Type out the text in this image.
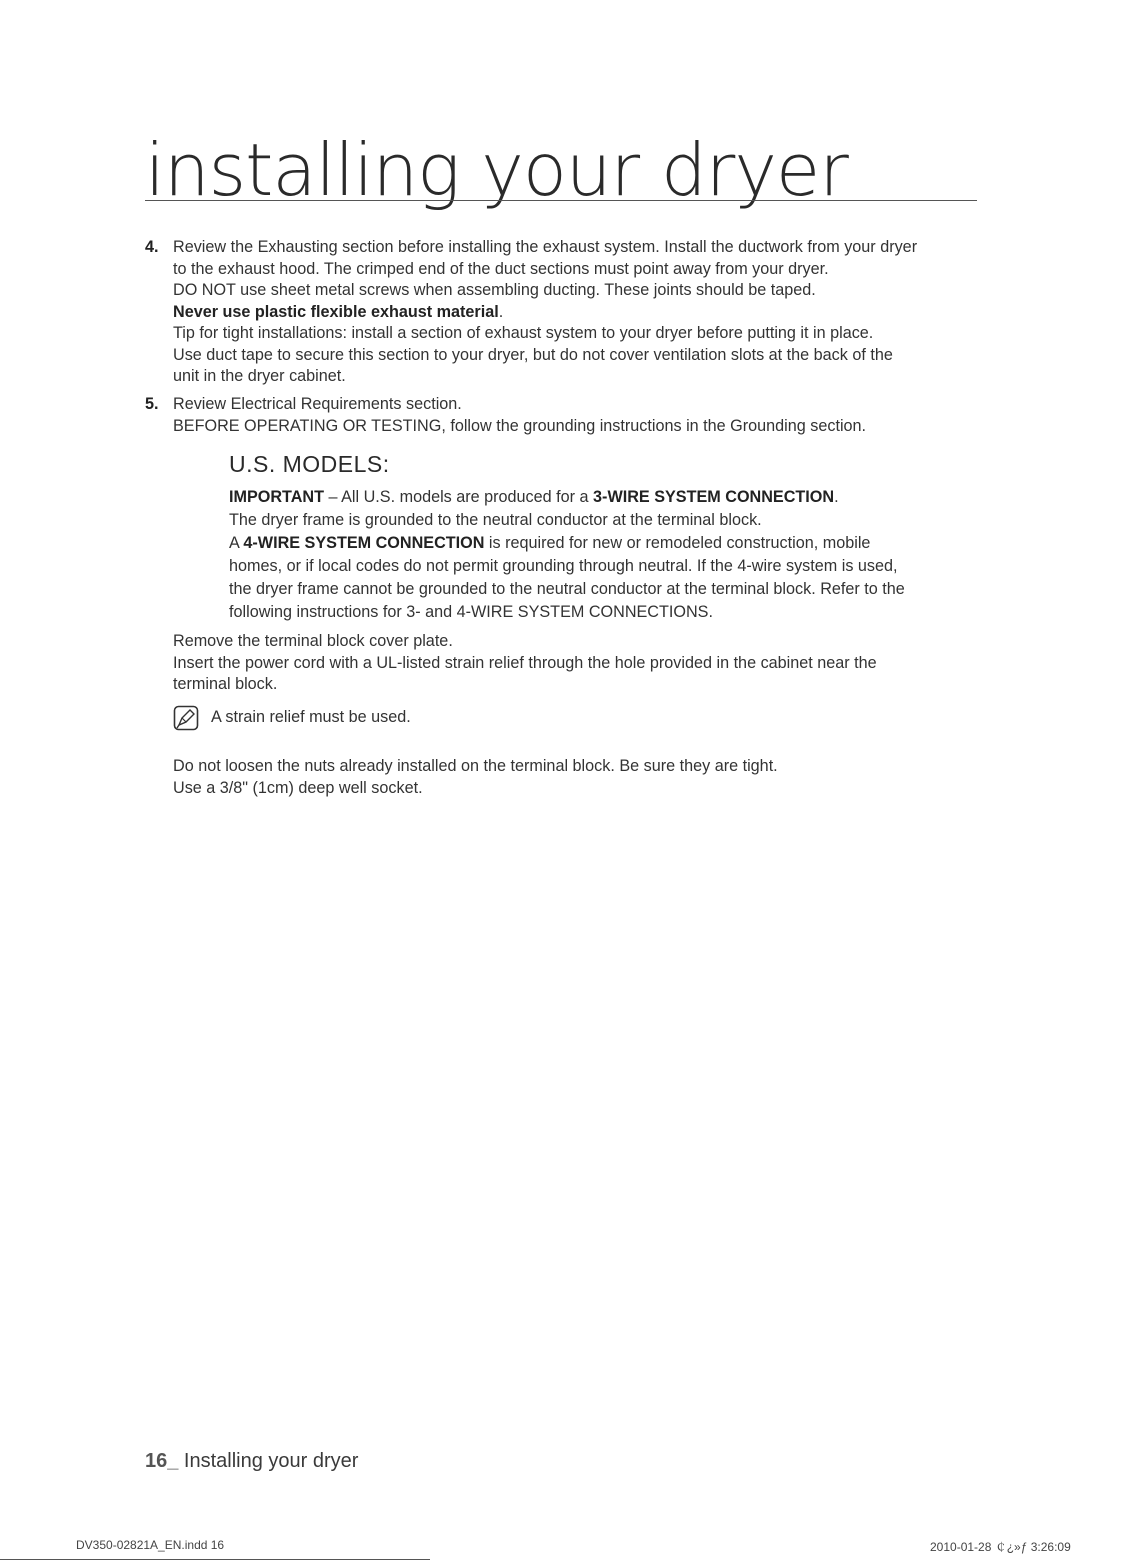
installing your dryer
4. Review the Exhausting section before installing the exhaust system. Install the ductwork from your dryer
to the exhaust hood. The crimped end of the duct sections must point away from your dryer.
DO NOT use sheet metal screws when assembling ducting. These joints should be taped.
Never use plastic flexible exhaust material.
Tip for tight installations: install a section of exhaust system to your dryer before putting it in place.
Use duct tape to secure this section to your dryer, but do not cover ventilation slots at the back of the
unit in the dryer cabinet.
5. Review Electrical Requirements section.
BEFORE OPERATING OR TESTING, follow the grounding instructions in the Grounding section.
U.S. MODELS:
IMPORTANT – All U.S. models are produced for a 3-WIRE SYSTEM CONNECTION.
The dryer frame is grounded to the neutral conductor at the terminal block.
A 4-WIRE SYSTEM CONNECTION is required for new or remodeled construction, mobile
homes, or if local codes do not permit grounding through neutral. If the 4-wire system is used,
the dryer frame cannot be grounded to the neutral conductor at the terminal block. Refer to the
following instructions for 3- and 4-WIRE SYSTEM CONNECTIONS.
Remove the terminal block cover plate.
Insert the power cord with a UL-listed strain relief through the hole provided in the cabinet near the
terminal block.
A strain relief must be used.
Do not loosen the nuts already installed on the terminal block. Be sure they are tight.
Use a 3/8" (1cm) deep well socket.
16_ Installing your dryer
DV350-02821A_EN.indd 16	2010-01-28 ￠¿»ƒ 3:26:09
